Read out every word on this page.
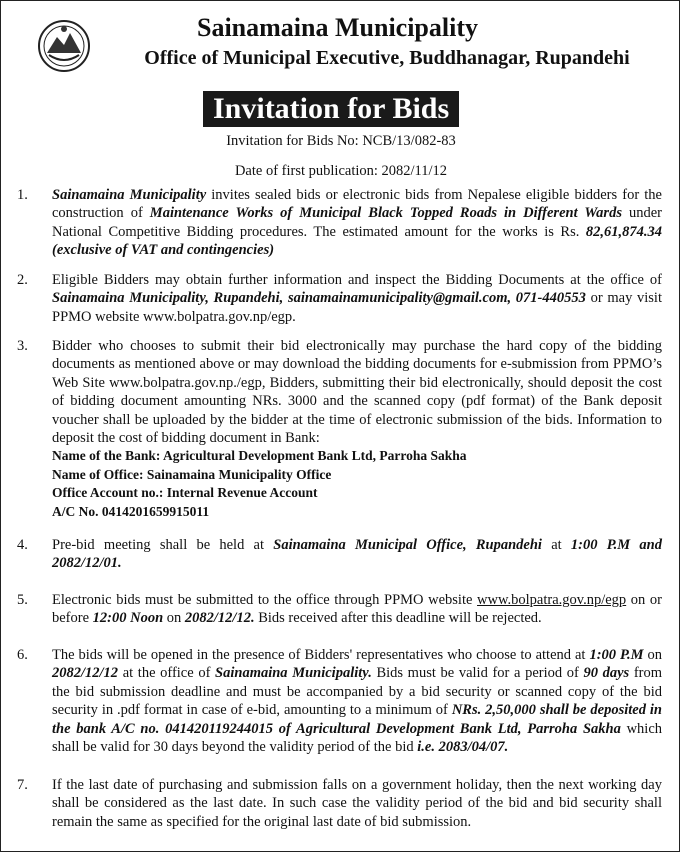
Sainamaina Municipality
Office of Municipal Executive, Buddhanagar, Rupandehi
Invitation for Bids
Invitation for Bids No: NCB/13/082-83
Date of first publication: 2082/11/12
1. Sainamaina Municipality invites sealed bids or electronic bids from Nepalese eligible bidders for the construction of Maintenance Works of Municipal Black Topped Roads in Different Wards under National Competitive Bidding procedures. The estimated amount for the works is Rs. 82,61,874.34 (exclusive of VAT and contingencies)
2. Eligible Bidders may obtain further information and inspect the Bidding Documents at the office of Sainamaina Municipality, Rupandehi, sainamainamunicipality@gmail.com, 071-440553 or may visit PPMO website www.bolpatra.gov.np/egp.
3. Bidder who chooses to submit their bid electronically may purchase the hard copy of the bidding documents as mentioned above or may download the bidding documents for e-submission from PPMO’s Web Site www.bolpatra.gov.np./egp, Bidders, submitting their bid electronically, should deposit the cost of bidding document amounting NRs. 3000 and the scanned copy (pdf format) of the Bank deposit voucher shall be uploaded by the bidder at the time of electronic submission of the bids. Information to deposit the cost of bidding document in Bank:
Name of the Bank: Agricultural Development Bank Ltd, Parroha Sakha
Name of Office: Sainamaina Municipality Office
Office Account no.: Internal Revenue Account
A/C No. 0414201659915011
4. Pre-bid meeting shall be held at Sainamaina Municipal Office, Rupandehi at 1:00 P.M and 2082/12/01.
5. Electronic bids must be submitted to the office through PPMO website www.bolpatra.gov.np/egp on or before 12:00 Noon on 2082/12/12. Bids received after this deadline will be rejected.
6. The bids will be opened in the presence of Bidders' representatives who choose to attend at 1:00 P.M on 2082/12/12 at the office of Sainamaina Municipality. Bids must be valid for a period of 90 days from the bid submission deadline and must be accompanied by a bid security or scanned copy of the bid security in .pdf format in case of e-bid, amounting to a minimum of NRs. 2,50,000 shall be deposited in the bank A/C no. 041420119244015 of Agricultural Development Bank Ltd, Parroha Sakha which shall be valid for 30 days beyond the validity period of the bid i.e. 2083/04/07.
7. If the last date of purchasing and submission falls on a government holiday, then the next working day shall be considered as the last date. In such case the validity period of the bid and bid security shall remain the same as specified for the original last date of bid submission.
